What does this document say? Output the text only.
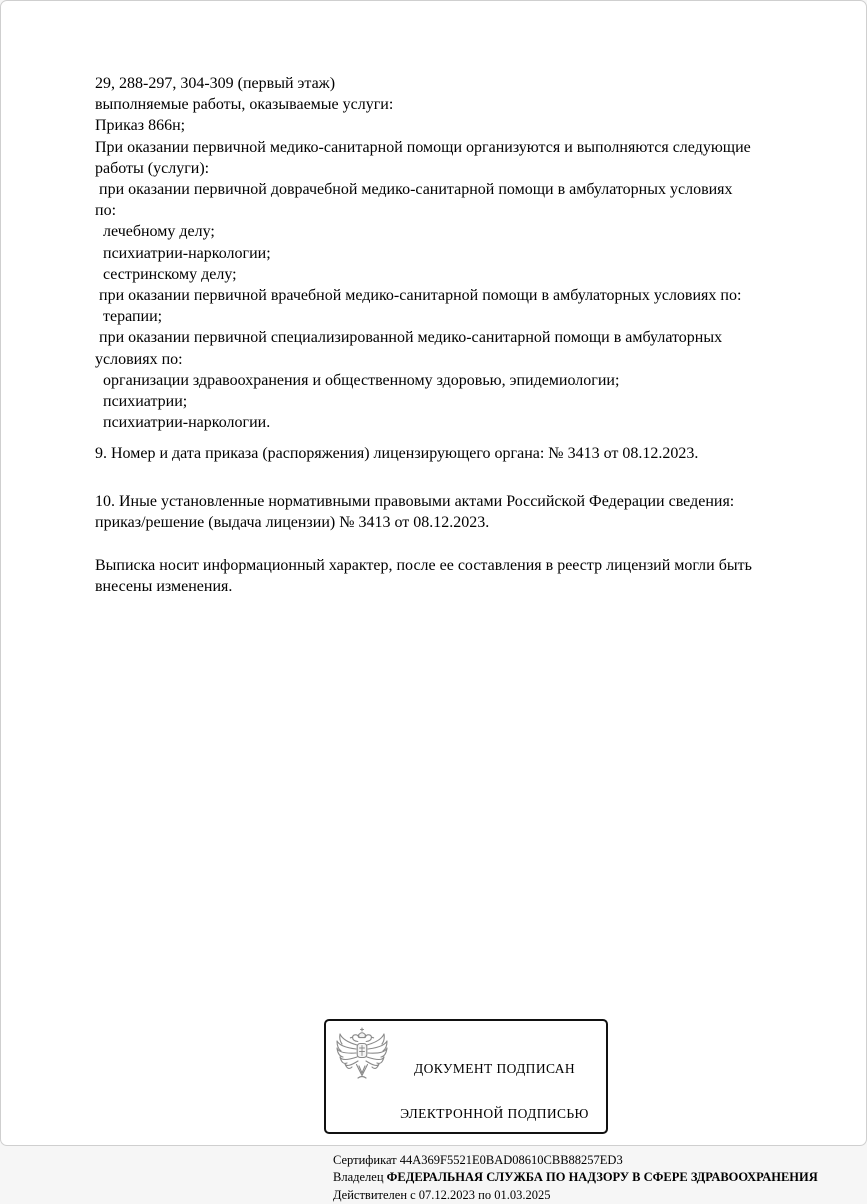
29, 288-297, 304-309 (первый этаж)
выполняемые работы, оказываемые услуги:
Приказ 866н;
При оказании первичной медико-санитарной помощи организуются и выполняются следующие
работы (услуги):
при оказании первичной доврачебной медико-санитарной помощи в амбулаторных условиях
по:
лечебному делу;
психиатрии-наркологии;
сестринскому делу;
при оказании первичной врачебной медико-санитарной помощи в амбулаторных условиях по:
терапии;
при оказании первичной специализированной медико-санитарной помощи в амбулаторных
условиях по:
организации здравоохранения и общественному здоровью, эпидемиологии;
психиатрии;
психиатрии-наркологии.
9. Номер и дата приказа (распоряжения) лицензирующего органа: № 3413 от 08.12.2023.
10. Иные установленные нормативными правовыми актами Российской Федерации сведения:
приказ/решение (выдача лицензии) № 3413 от 08.12.2023.
Выписка носит информационный характер, после ее составления в реестр лицензий могли быть
внесены изменения.

ДОКУМЕНТ ПОДПИСАН

ЭЛЕКТРОННОЙ ПОДПИСЬЮ

Сертификат 44A369F5521E0BAD08610CBB88257ED3
Владелец ФЕДЕРАЛЬНАЯ СЛУЖБА ПО НАДЗОРУ В СФЕРЕ ЗДРАВООХРАНЕНИЯ
Действителен с 07.12.2023 по 01.03.2025
